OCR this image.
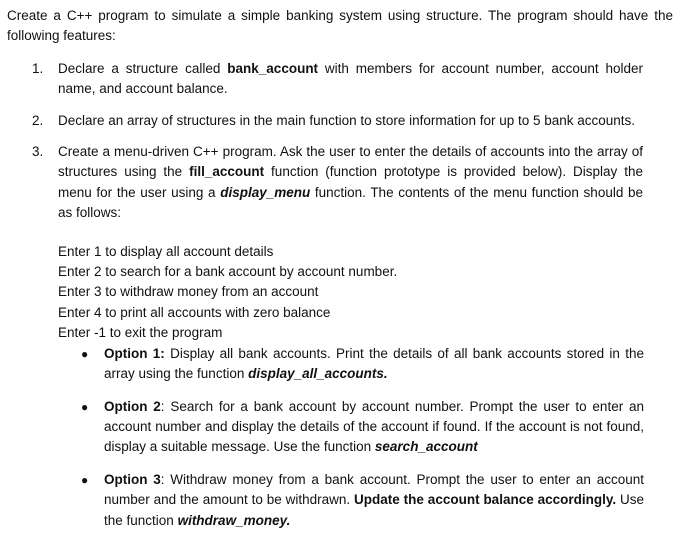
Create a C++ program to simulate a simple banking system using structure. The program should have the following features:

1. Declare a structure called bank_account with members for account number, account holder name, and account balance.
2. Declare an array of structures in the main function to store information for up to 5 bank accounts.
3. Create a menu-driven C++ program. Ask the user to enter the details of accounts into the array of structures using the fill_account function (function prototype is provided below). Display the menu for the user using a display_menu function. The contents of the menu function should be as follows:
Enter 1 to display all account details
Enter 2 to search for a bank account by account number.
Enter 3 to withdraw money from an account
Enter 4 to print all accounts with zero balance
Enter -1 to exit the program
● Option 1: Display all bank accounts. Print the details of all bank accounts stored in the array using the function display_all_accounts.
● Option 2: Search for a bank account by account number. Prompt the user to enter an account number and display the details of the account if found. If the account is not found, display a suitable message. Use the function search_account
● Option 3: Withdraw money from a bank account. Prompt the user to enter an account number and the amount to be withdrawn. Update the account balance accordingly. Use the function withdraw_money.
